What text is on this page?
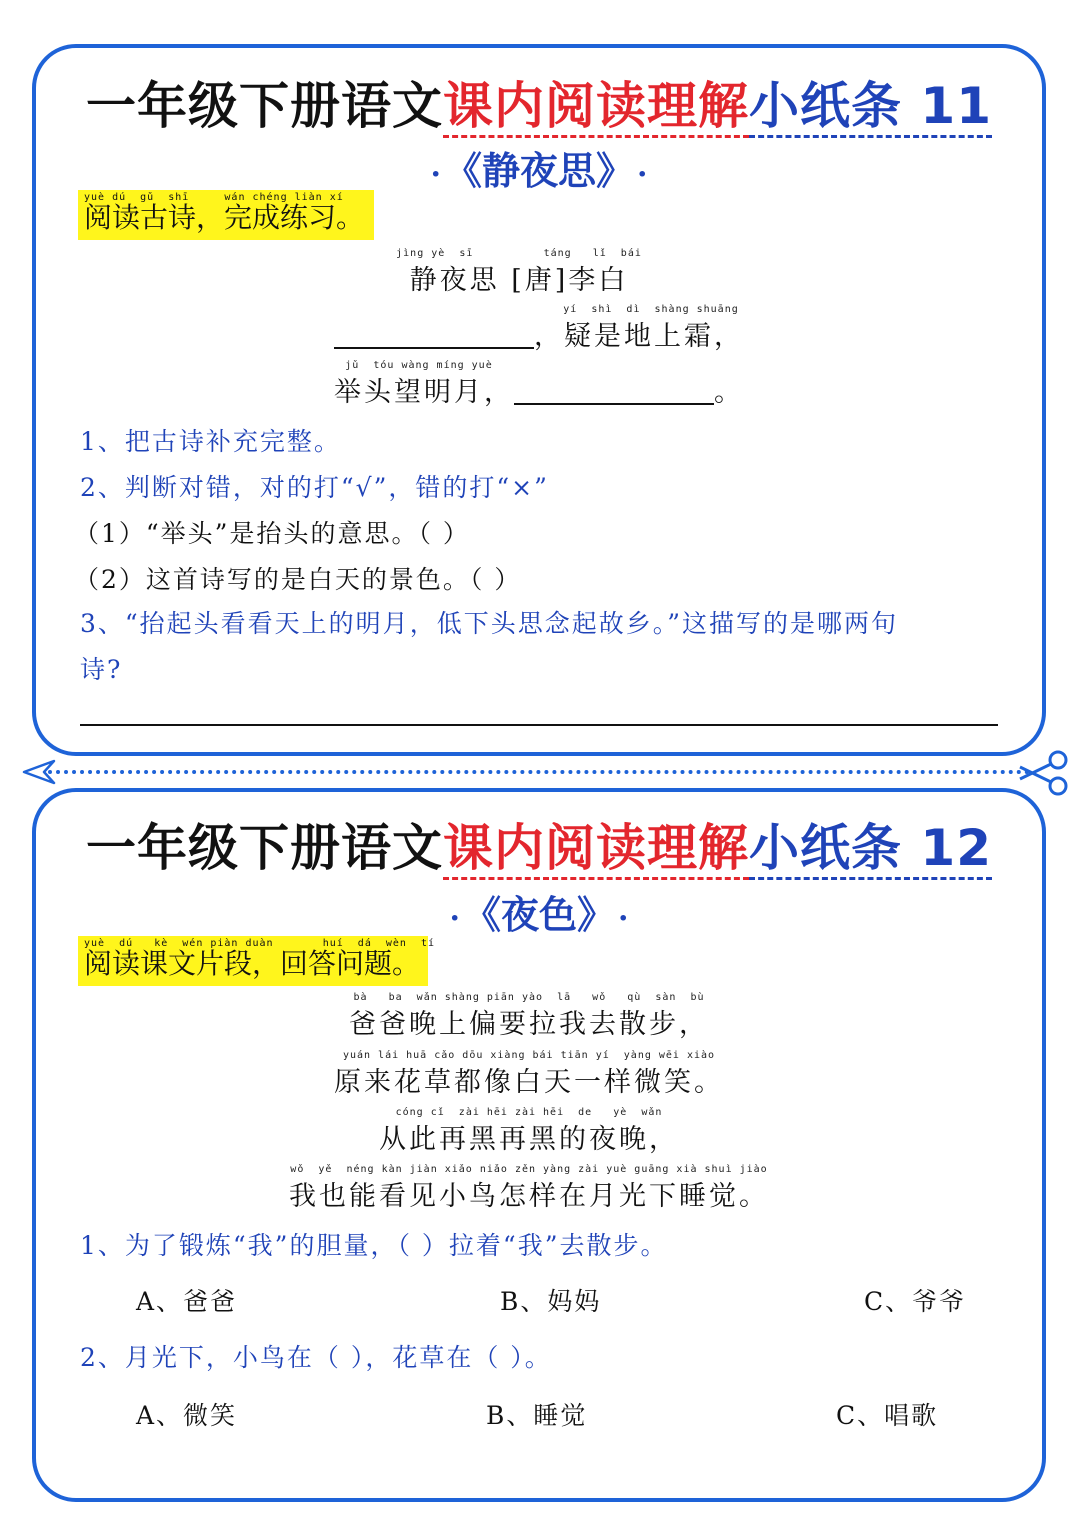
一年级下册语文课内阅读理解小纸条 11
· 《静夜思》 ·
yuè dú  gǔ  shī     wán chéng liàn xí
阅读古诗，完成练习。
jìng yè  sī          táng   lǐ  bái
静夜思 [唐]李白
yí  shì  dì  shàng shuāng
，疑是地上霜，
jǔ  tóu wàng míng yuè
举头望明月，	。
1、把古诗补充完整。
2、判断对错，对的打“√”，错的打“×”
（1）“举头”是抬头的意思。（ ）
（2）这首诗写的是白天的景色。（ ）
3、“抬起头看看天上的明月，低下头思念起故乡。”这描写的是哪两句
诗?
一年级下册语文课内阅读理解小纸条 12
· 《夜色》 ·
yuè  dú   kè  wén piàn duàn       huí  dá  wèn  tí
阅读课文片段，回答问题。
bà   ba  wǎn shàng piān yào  lā   wǒ   qù  sàn  bù
爸爸晚上偏要拉我去散步，
yuán lái huā cǎo dōu xiàng bái tiān yí  yàng wēi xiào
原来花草都像白天一样微笑。
cóng cǐ  zài hēi zài hēi  de   yè  wǎn
从此再黑再黑的夜晚，
wǒ  yě  néng kàn jiàn xiǎo niǎo zěn yàng zài yuè guāng xià shuì jiào
我也能看见小鸟怎样在月光下睡觉。
1、为了锻炼“我”的胆量，（ ）拉着“我”去散步。
A、爸爸	B、妈妈	C、爷爷
2、月光下，小鸟在（ ），花草在（ ）。
A、微笑	B、睡觉	C、唱歌
